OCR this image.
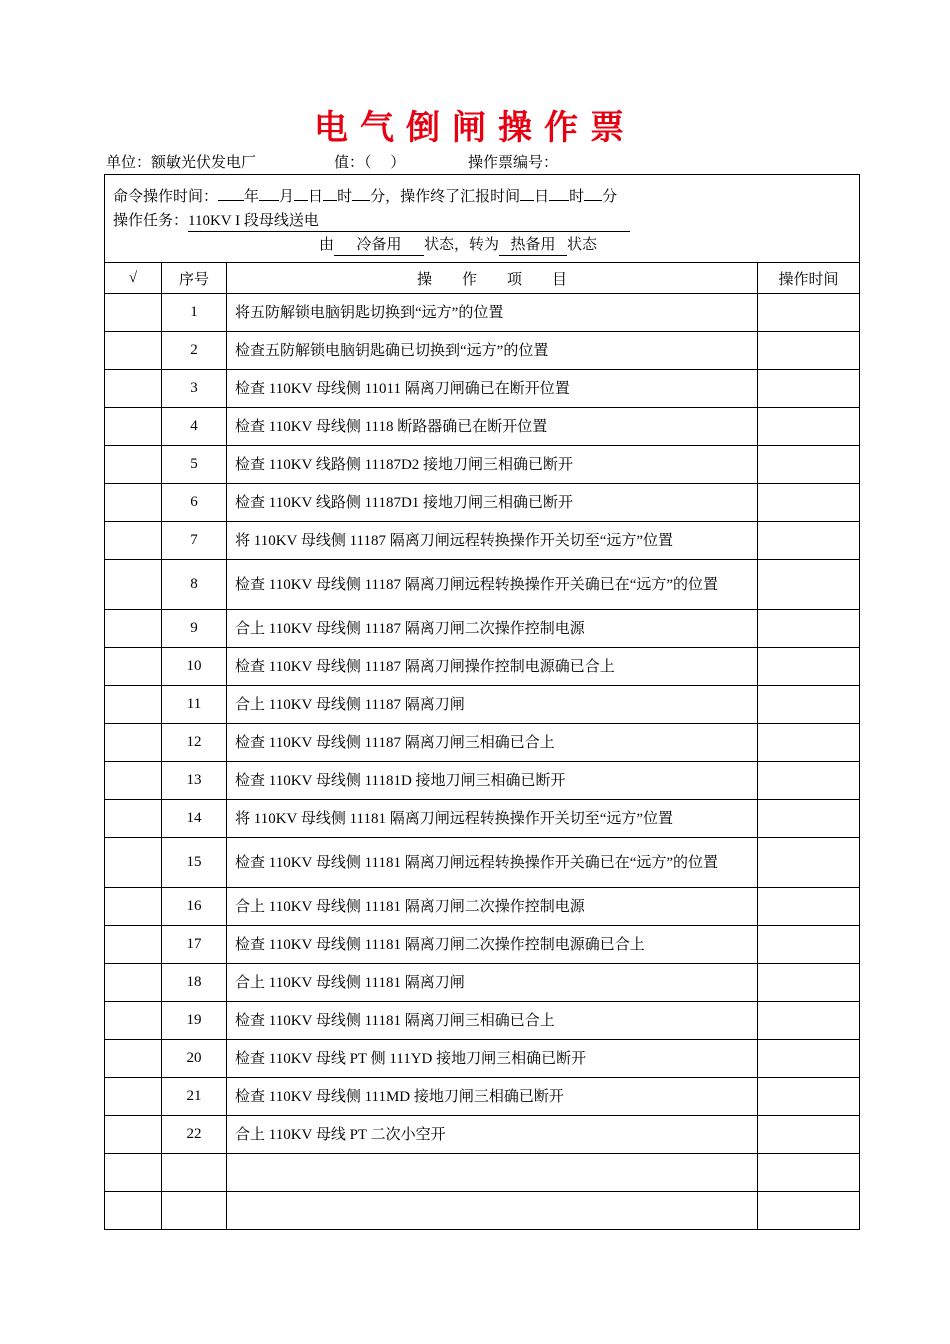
电气倒闸操作票
单位：额敏光伏发电厂	值：（　 ）	操作票编号：
命令操作时间： 年 月 日 时 分，操作终了汇报时间 日 时 分
操作任务：110KV I 段母线送电
由 冷备用 状态，转为 热备用 状态			

√	序号	操　　作　　项　　目	操作时间
	1	将五防解锁电脑钥匙切换到“远方”的位置	
	2	检查五防解锁电脑钥匙确已切换到“远方”的位置	
	3	检查 110KV 母线侧 11011 隔离刀闸确已在断开位置	
	4	检查 110KV 母线侧 1118 断路器确已在断开位置	
	5	检查 110KV 线路侧 11187D2 接地刀闸三相确已断开	
	6	检查 110KV 线路侧 11187D1 接地刀闸三相确已断开	
	7	将 110KV 母线侧 11187 隔离刀闸远程转换操作开关切至“远方”位置	
	8	检查 110KV 母线侧 11187 隔离刀闸远程转换操作开关确已在“远方”的位置	
	9	合上 110KV 母线侧 11187 隔离刀闸二次操作控制电源	
	10	检查 110KV 母线侧 11187 隔离刀闸操作控制电源确已合上	
	11	合上 110KV 母线侧 11187 隔离刀闸	
	12	检查 110KV 母线侧 11187 隔离刀闸三相确已合上	
	13	检查 110KV 母线侧 11181D 接地刀闸三相确已断开	
	14	将 110KV 母线侧 11181 隔离刀闸远程转换操作开关切至“远方”位置	
	15	检查 110KV 母线侧 11181 隔离刀闸远程转换操作开关确已在“远方”的位置	
	16	合上 110KV 母线侧 11181 隔离刀闸二次操作控制电源	
	17	检查 110KV 母线侧 11181 隔离刀闸二次操作控制电源确已合上	
	18	合上 110KV 母线侧 11181 隔离刀闸	
	19	检查 110KV 母线侧 11181 隔离刀闸三相确已合上	
	20	检查 110KV 母线 PT 侧 111YD 接地刀闸三相确已断开	
	21	检查 110KV 母线侧 111MD 接地刀闸三相确已断开	
	22	合上 110KV 母线 PT 二次小空开	
